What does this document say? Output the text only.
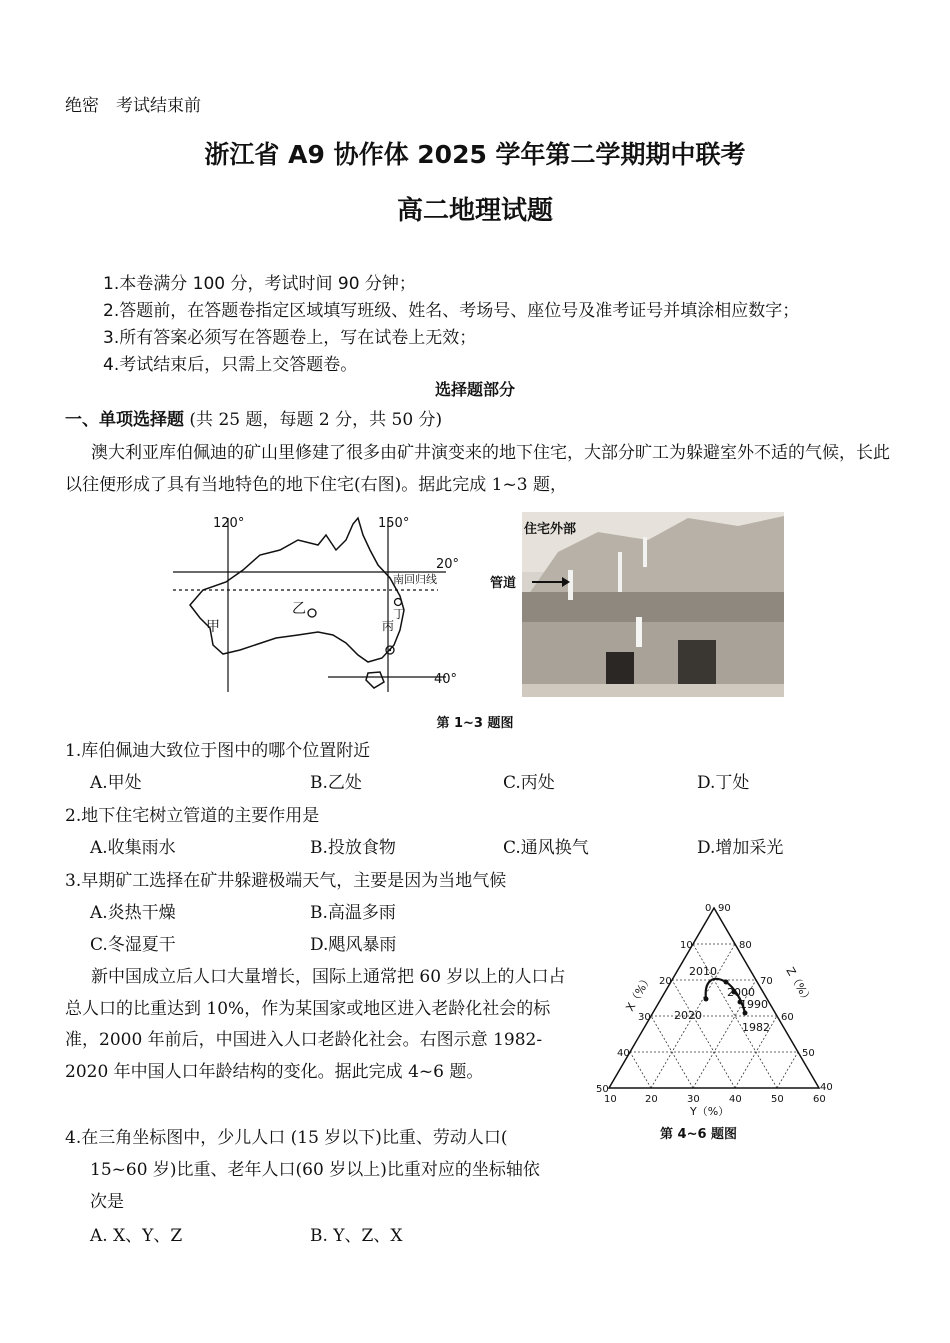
绝密　考试结束前
浙江省 A9 协作体 2025 学年第二学期期中联考
高二地理试题
1.本卷满分 100 分，考试时间 90 分钟；
2.答题前，在答题卷指定区域填写班级、姓名、考场号、座位号及准考证号并填涂相应数字；
3.所有答案必须写在答题卷上，写在试卷上无效；
4.考试结束后，只需上交答题卷。
选择题部分
一、单项选择题 (共 25 题，每题 2 分，共 50 分)
澳大利亚库伯佩迪的矿山里修建了很多由矿井演变来的地下住宅，大部分旷工为躲避室外不适的气候，长此以往便形成了具有当地特色的地下住宅(右图)。据此完成 1~3 题，
120°	150°
20°
40°
南回归线
甲
乙	丁
丙
住宅外部
管道
第 1~3 题图
1.库伯佩迪大致位于图中的哪个位置附近
A.甲处	B.乙处	C.丙处	D.丁处
2.地下住宅树立管道的主要作用是
A.收集雨水	B.投放食物	C.通风换气	D.增加采光
3.早期矿工选择在矿井躲避极端天气，主要是因为当地气候
A.炎热干燥	B.高温多雨
C.冬湿夏干	D.飓风暴雨
新中国成立后人口大量增长，国际上通常把 60 岁以上的人口占总人口的比重达到 10%，作为某国家或地区进入老龄化社会的标准，2000 年前后，中国进入人口老龄化社会。右图示意 1982-2020 年中国人口年龄结构的变化。据此完成 4~6 题。
4.在三角坐标图中，少儿人口 (15 岁以下)比重、劳动人口(
15~60 岁)比重、老年人口(60 岁以上)比重对应的坐标轴依
次是
A. X、Y、Z	B. Y、Z、X
2010
2000
1990
2020
1982
0
10
20
30
40
50
90
80
70
60
50
40
10	20	30	40	50	60
X（%）	Z（%）
Y（%）
第 4~6 题图
